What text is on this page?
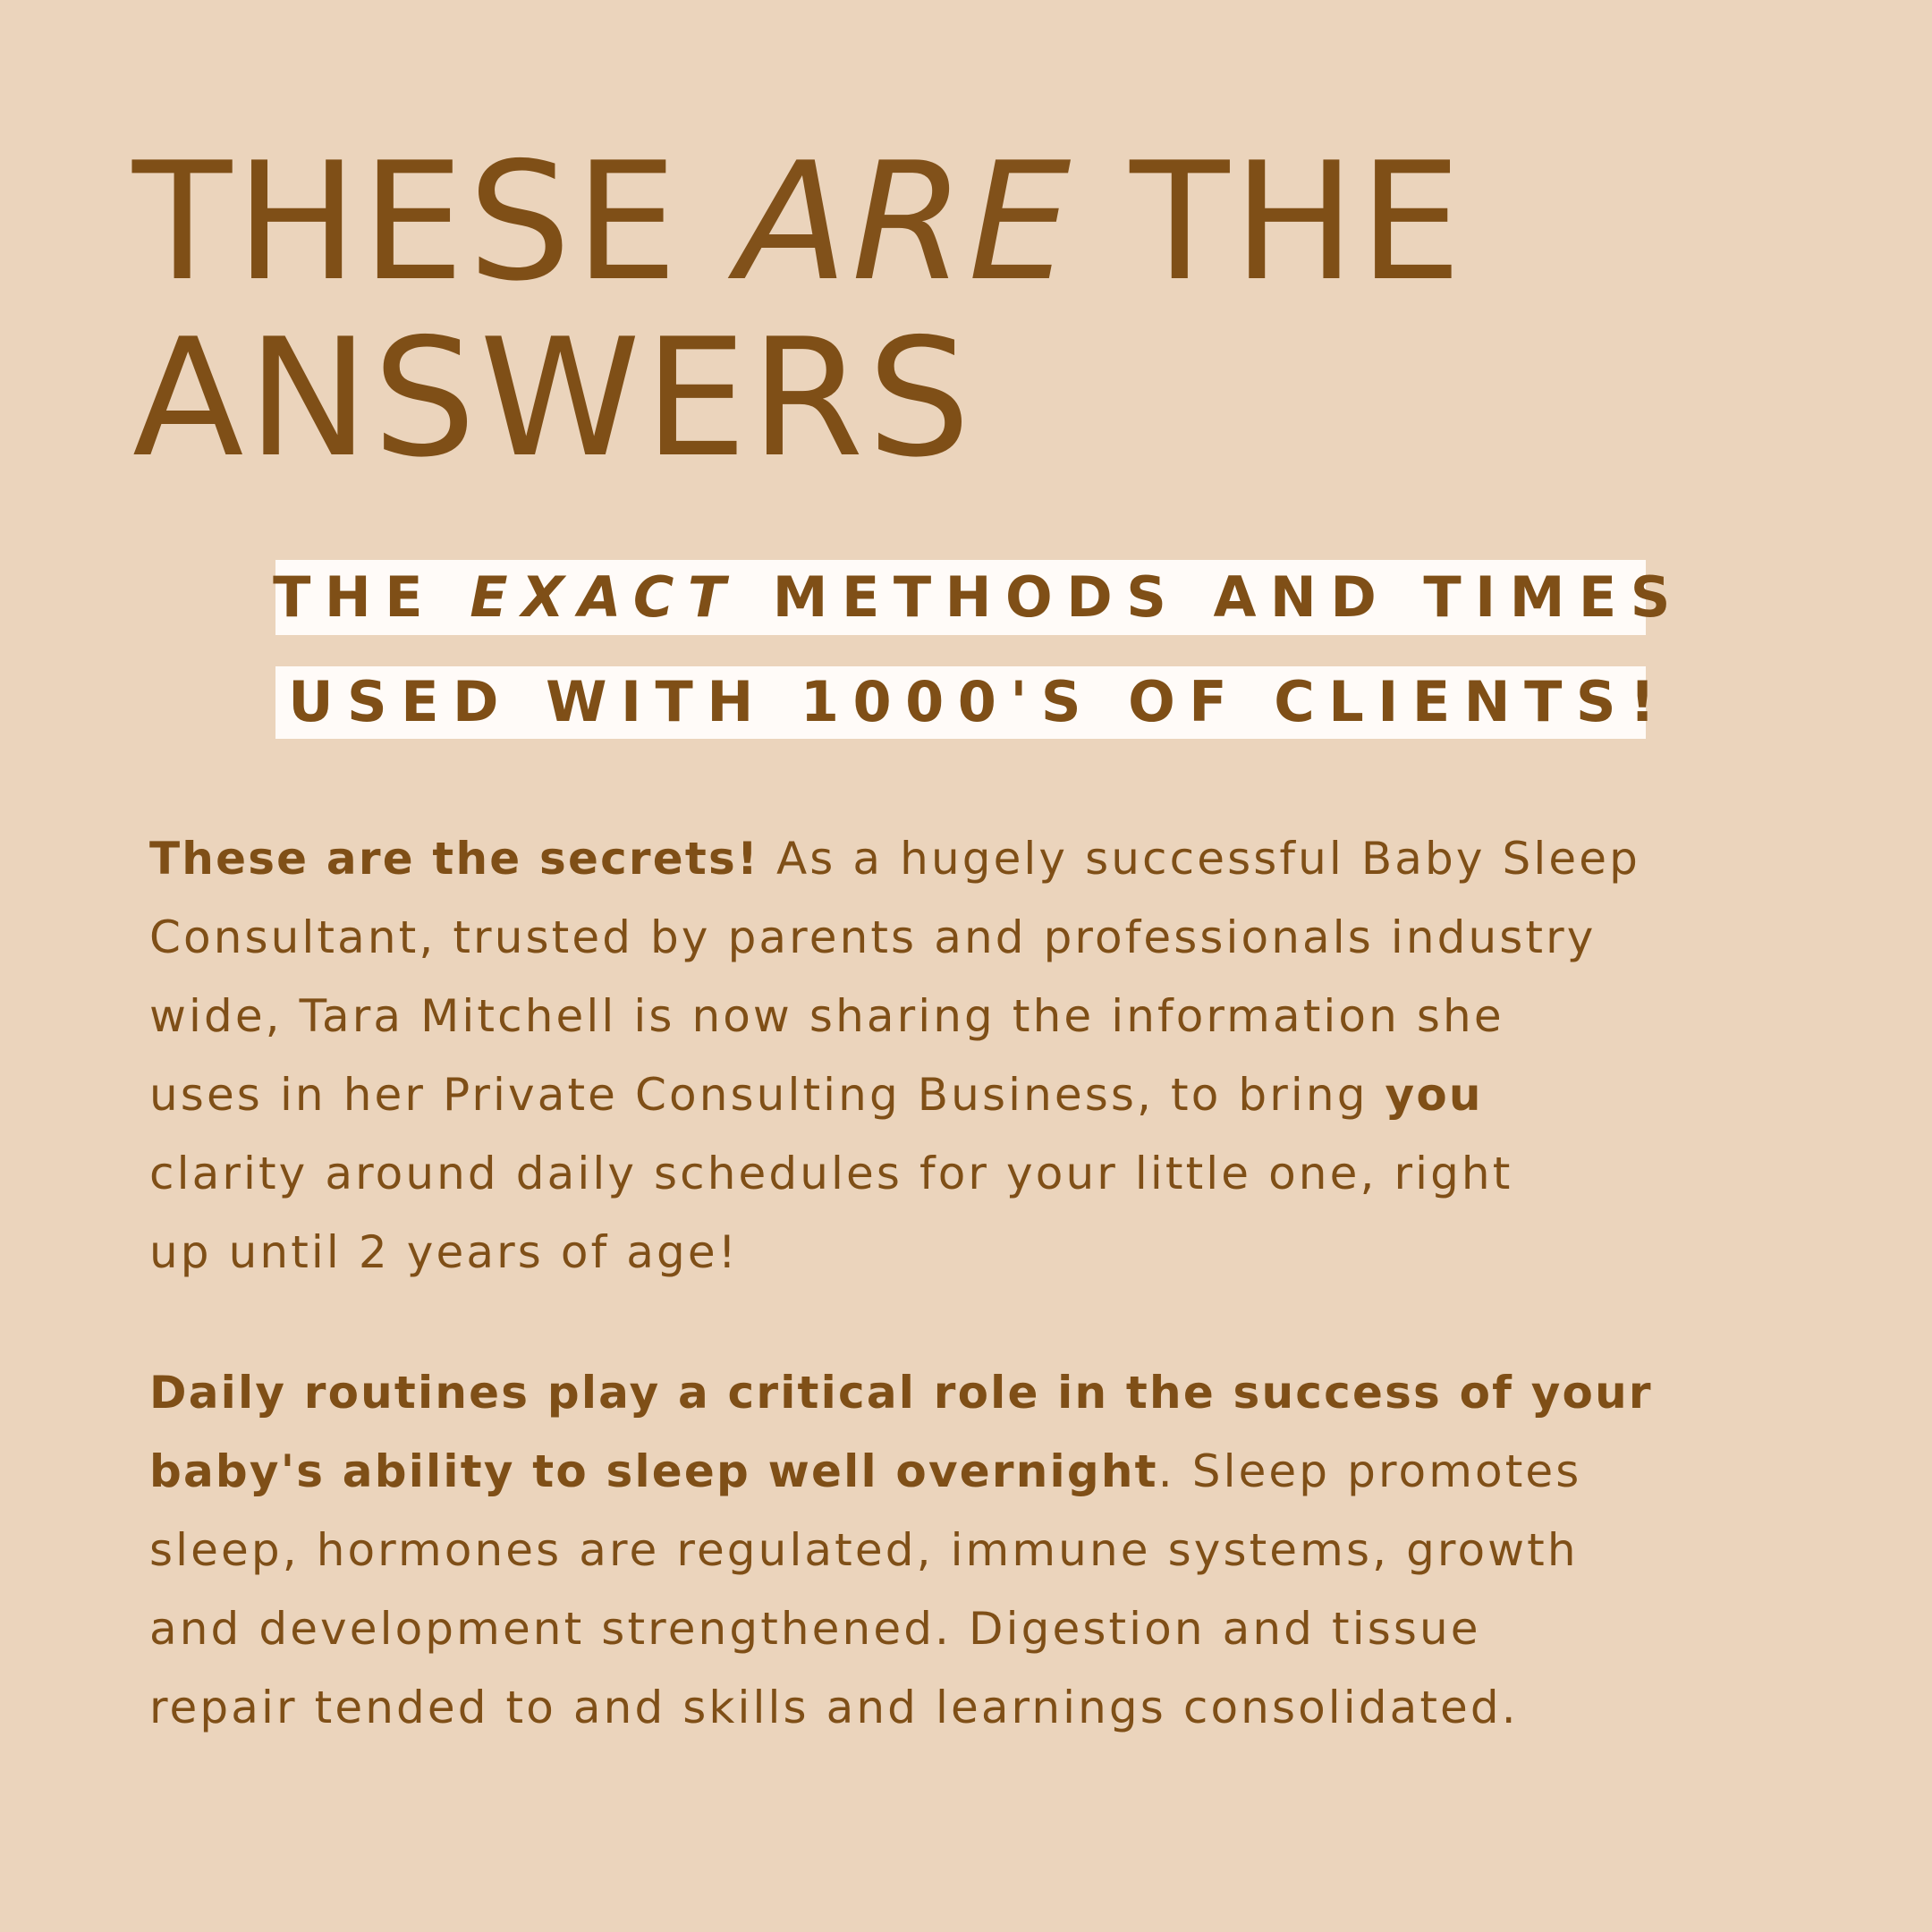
THESE ARE THE
ANSWERS
THE EXACT METHODS AND TIMES
USED WITH 1000'S OF CLIENTS!
These are the secrets! As a hugely successful Baby Sleep
Consultant, trusted by parents and professionals industry
wide, Tara Mitchell is now sharing the information she
uses in her Private Consulting Business, to bring you
clarity around daily schedules for your little one, right
up until 2 years of age!
Daily routines play a critical role in the success of your
baby's ability to sleep well overnight. Sleep promotes
sleep, hormones are regulated, immune systems, growth
and development strengthened. Digestion and tissue
repair tended to and skills and learnings consolidated.
